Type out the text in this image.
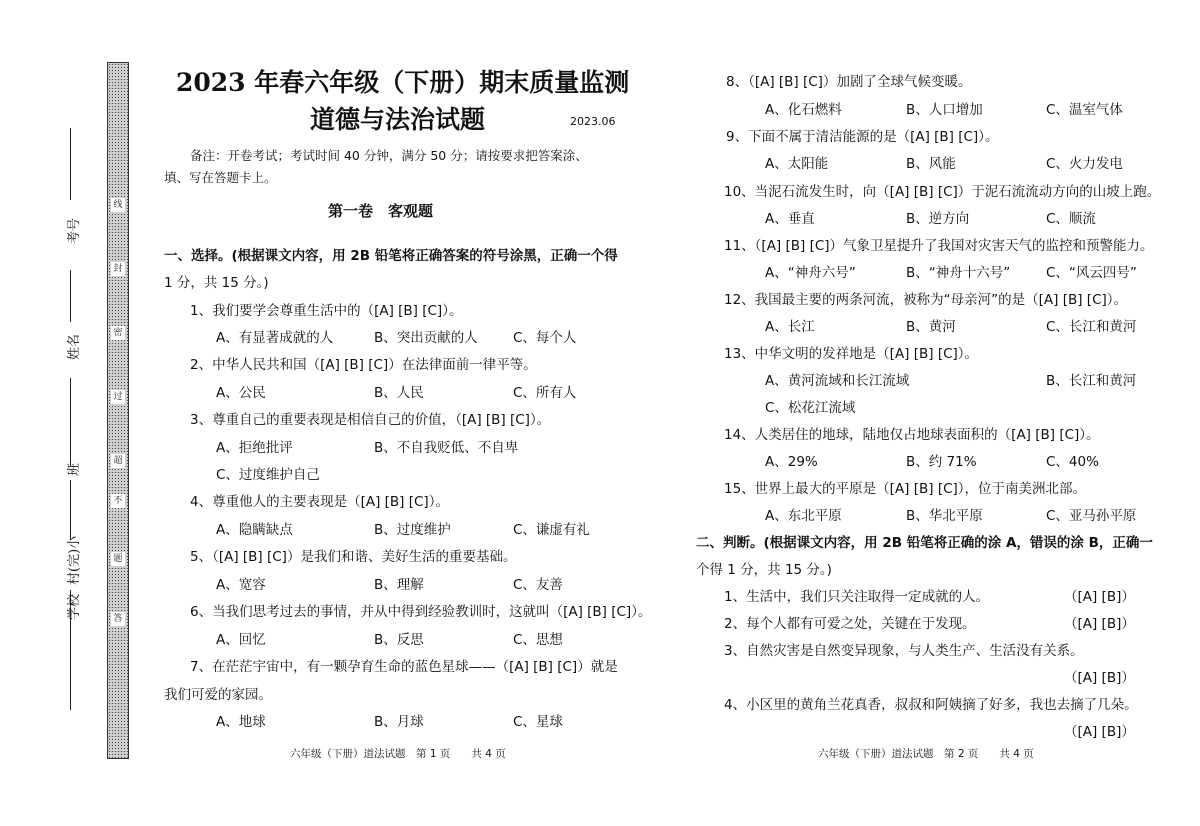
线
封
密
过
超
不
题
答
考号
姓名
班
村(完)小
学校
2023 年春六年级（下册）期末质量监测
道德与法治试题	2023.06
备注：开卷考试；考试时间 40 分钟，满分 50 分；请按要求把答案涂、
填、写在答题卡上。
第一卷　客观题
一、选择。(根据课文内容，用 2B 铅笔将正确答案的符号涂黑，正确一个得
1 分，共 15 分。)
1、我们要学会尊重生活中的（[A] [B] [C]）。
A、有显著成就的人	B、突出贡献的人	C、每个人
2、中华人民共和国（[A] [B] [C]）在法律面前一律平等。
A、公民	B、人民	C、所有人
3、尊重自己的重要表现是相信自己的价值，（[A] [B] [C]）。
A、拒绝批评	B、不自我贬低、不自卑
C、过度维护自己
4、尊重他人的主要表现是（[A] [B] [C]）。
A、隐瞒缺点	B、过度维护	C、谦虚有礼
5、（[A] [B] [C]）是我们和谐、美好生活的重要基础。
A、宽容	B、理解	C、友善
6、当我们思考过去的事情，并从中得到经验教训时，这就叫（[A] [B] [C]）。
A、回忆	B、反思	C、思想
7、在茫茫宇宙中，有一颗孕育生命的蓝色星球——（[A] [B] [C]）就是
我们可爱的家园。
A、地球	B、月球	C、星球
六年级（下册）道法试题　第 1 页　　共 4 页
8、（[A] [B] [C]）加剧了全球气候变暖。
A、化石燃料	B、人口增加	C、温室气体
9、下面不属于清洁能源的是（[A] [B] [C]）。
A、太阳能	B、风能	C、火力发电
10、当泥石流发生时，向（[A] [B] [C]）于泥石流流动方向的山坡上跑。
A、垂直	B、逆方向	C、顺流
11、（[A] [B] [C]）气象卫星提升了我国对灾害天气的监控和预警能力。
A、“神舟六号”	B、“神舟十六号”	C、“风云四号”
12、我国最主要的两条河流，被称为“母亲河”的是（[A] [B] [C]）。
A、长江	B、黄河	C、长江和黄河
13、中华文明的发祥地是（[A] [B] [C]）。
A、黄河流域和长江流域	B、长江和黄河
C、松花江流域
14、人类居住的地球，陆地仅占地球表面积的（[A] [B] [C]）。
A、29%	B、约 71%	C、40%
15、世界上最大的平原是（[A] [B] [C]），位于南美洲北部。
A、东北平原	B、华北平原	C、亚马孙平原
二、判断。(根据课文内容，用 2B 铅笔将正确的涂 A，错误的涂 B，正确一
个得 1 分，共 15 分。)
1、生活中，我们只关注取得一定成就的人。	（[A] [B]）
2、每个人都有可爱之处，关键在于发现。	（[A] [B]）
3、自然灾害是自然变异现象，与人类生产、生活没有关系。
（[A] [B]）
4、小区里的黄角兰花真香，叔叔和阿姨摘了好多，我也去摘了几朵。
（[A] [B]）
六年级（下册）道法试题　第 2 页　　共 4 页
